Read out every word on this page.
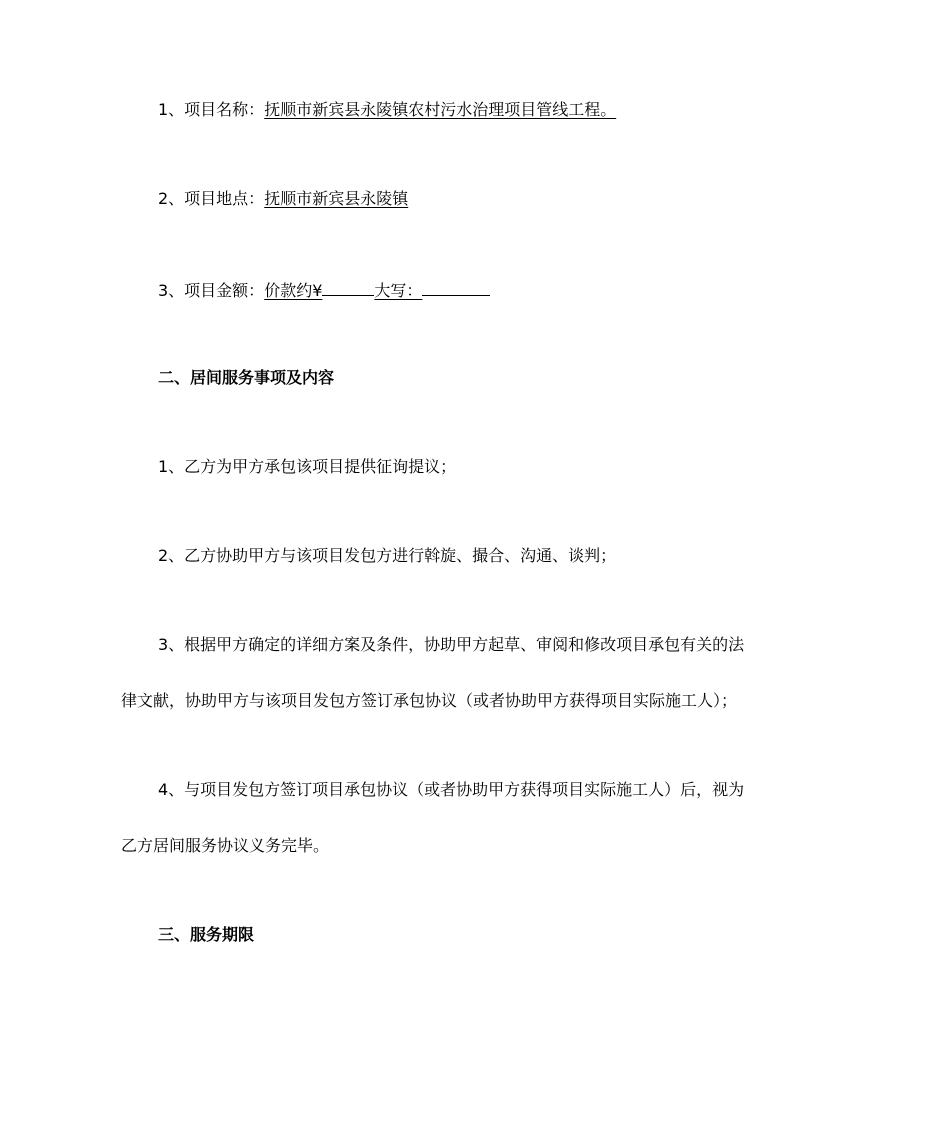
1、项目名称：抚顺市新宾县永陵镇农村污水治理项目管线工程。
2、项目地点：抚顺市新宾县永陵镇
3、项目金额：价款约¥	大写：
二、居间服务事项及内容
1、乙方为甲方承包该项目提供征询提议；
2、乙方协助甲方与该项目发包方进行斡旋、撮合、沟通、谈判；
3、根据甲方确定的详细方案及条件，协助甲方起草、审阅和修改项目承包有关的法
律文献，协助甲方与该项目发包方签订承包协议（或者协助甲方获得项目实际施工人）；
4、与项目发包方签订项目承包协议（或者协助甲方获得项目实际施工人）后，视为
乙方居间服务协议义务完毕。
三、服务期限
